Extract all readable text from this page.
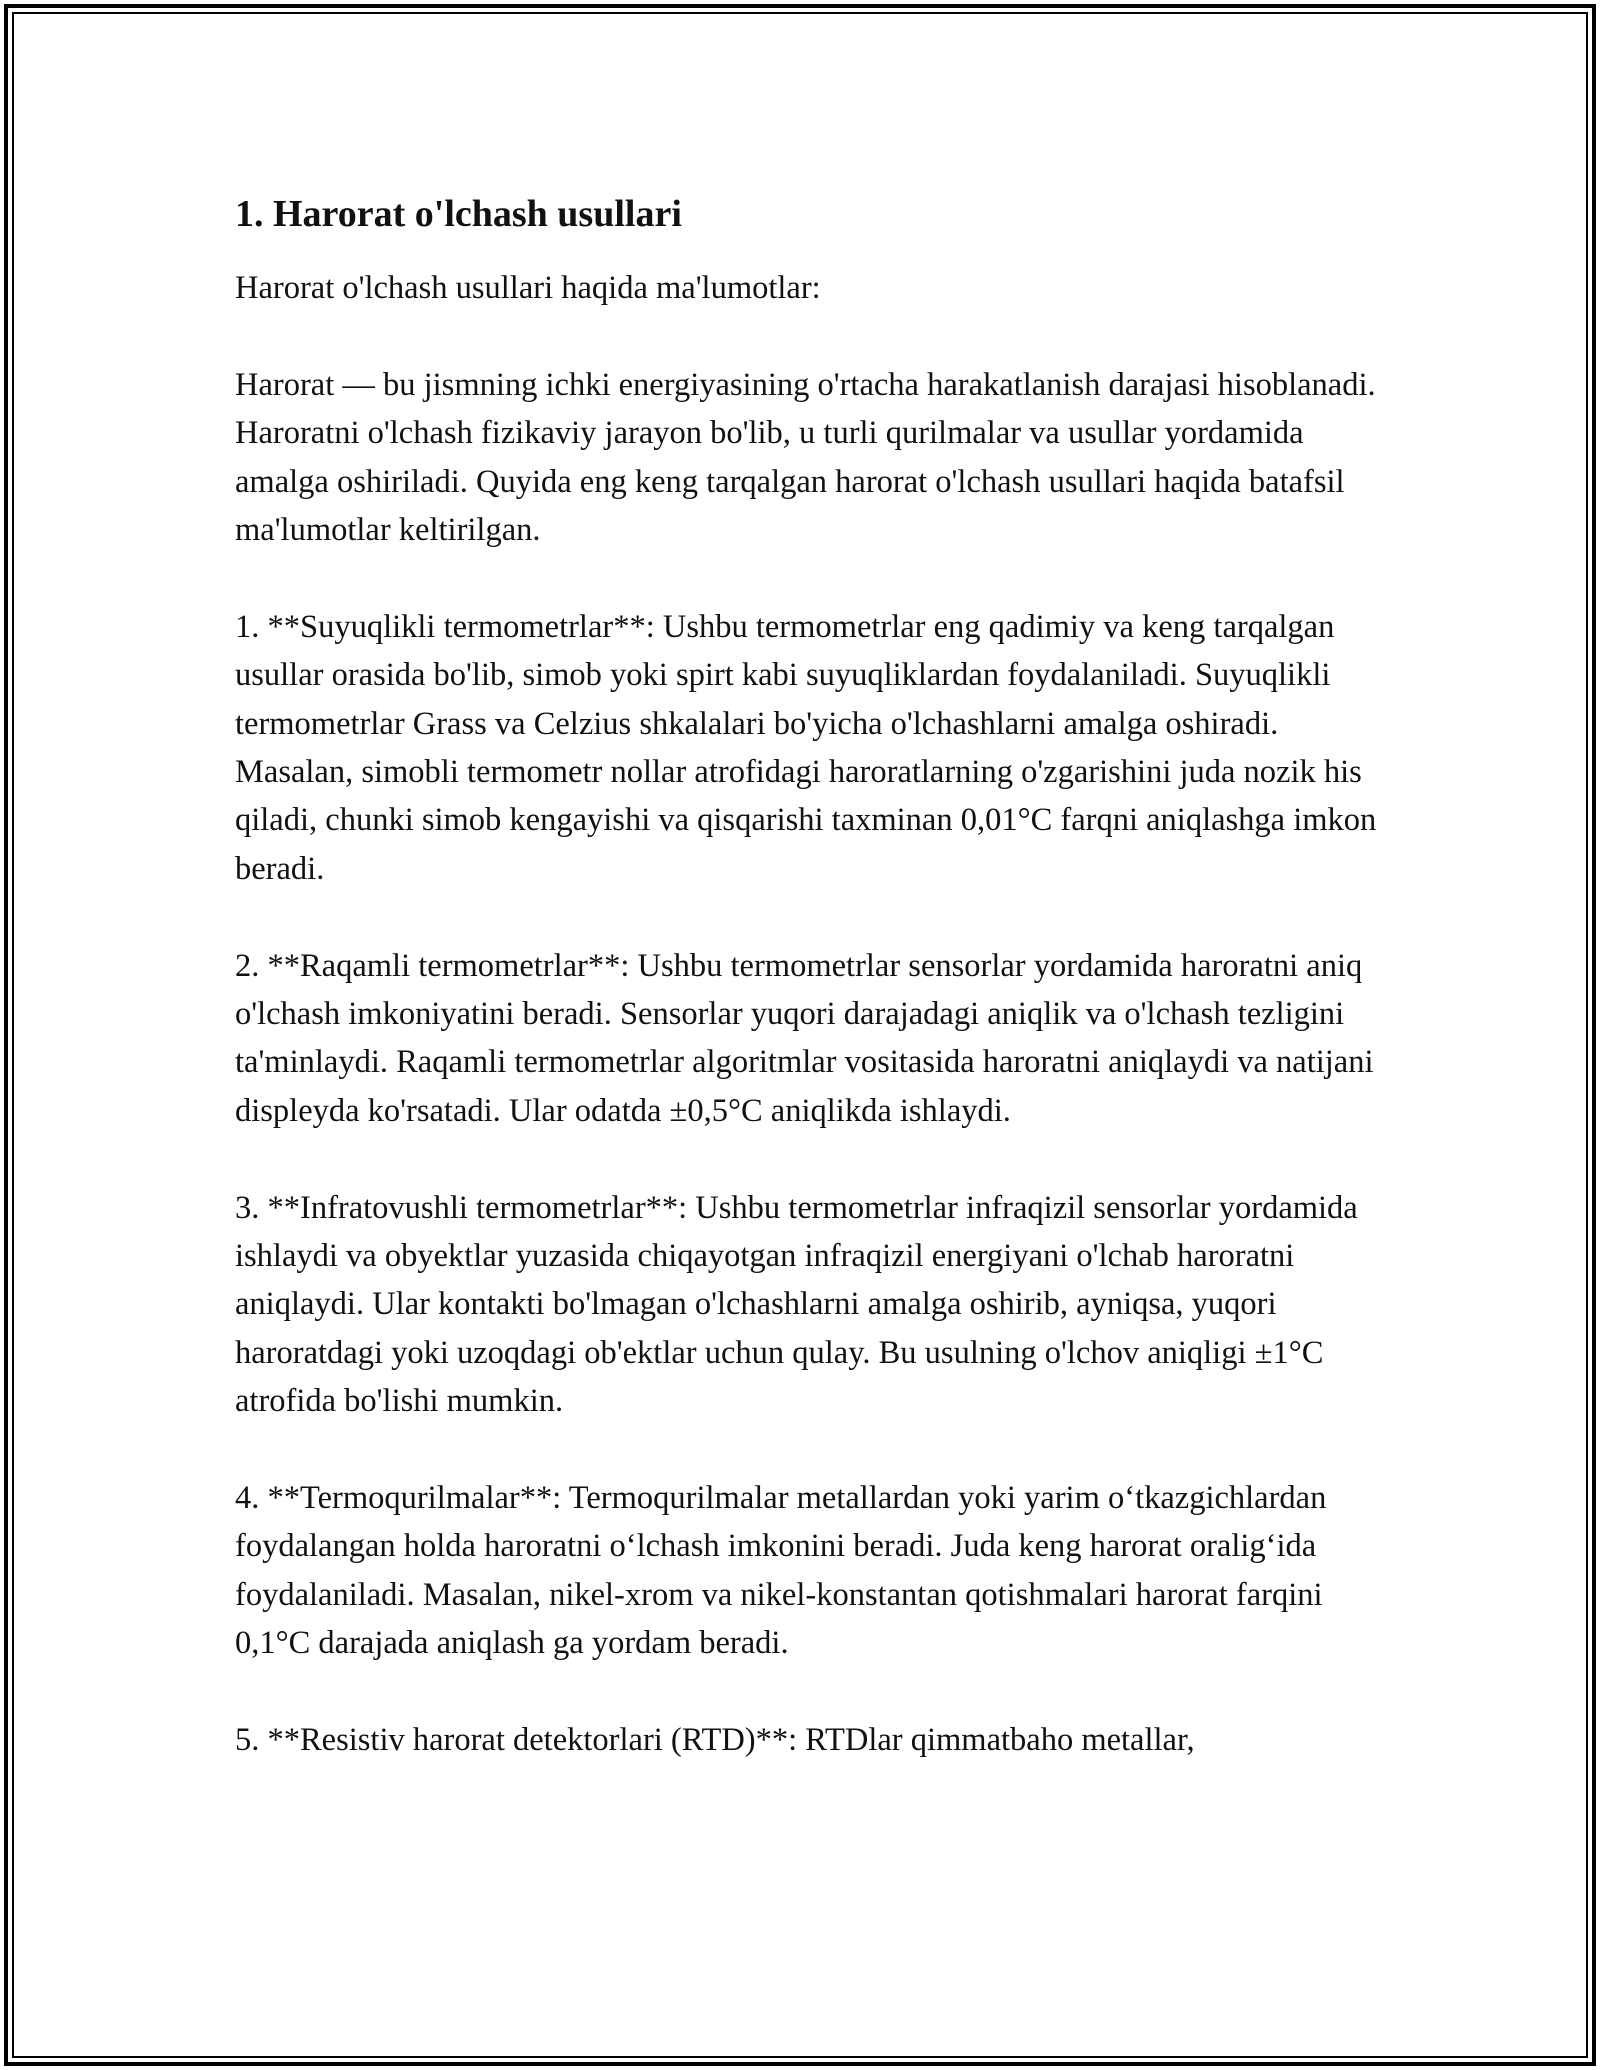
1. Harorat o'lchash usullari

Harorat o'lchash usullari haqida ma'lumotlar:

Harorat — bu jismning ichki energiyasining o'rtacha harakatlanish darajasi hisoblanadi. Haroratni o'lchash fizikaviy jarayon bo'lib, u turli qurilmalar va usullar yordamida amalga oshiriladi. Quyida eng keng tarqalgan harorat o'lchash usullari haqida batafsil ma'lumotlar keltirilgan.

1. **Suyuqlikli termometrlar**: Ushbu termometrlar eng qadimiy va keng tarqalgan usullar orasida bo'lib, simob yoki spirt kabi suyuqliklardan foydalaniladi. Suyuqlikli termometrlar Grass va Celzius shkalalari bo'yicha o'lchashlarni amalga oshiradi. Masalan, simobli termometr nollar atrofidagi haroratlarning o'zgarishini juda nozik his qiladi, chunki simob kengayishi va qisqarishi taxminan 0,01°C farqni aniqlashga imkon beradi.

2. **Raqamli termometrlar**: Ushbu termometrlar sensorlar yordamida haroratni aniq o'lchash imkoniyatini beradi. Sensorlar yuqori darajadagi aniqlik va o'lchash tezligini ta'minlaydi. Raqamli termometrlar algoritmlar vositasida haroratni aniqlaydi va natijani displeyda ko'rsatadi. Ular odatda ±0,5°C aniqlikda ishlaydi.

3. **Infratovushli termometrlar**: Ushbu termometrlar infraqizil sensorlar yordamida ishlaydi va obyektlar yuzasida chiqayotgan infraqizil energiyani o'lchab haroratni aniqlaydi. Ular kontakti bo'lmagan o'lchashlarni amalga oshirib, ayniqsa, yuqori haroratdagi yoki uzoqdagi ob'ektlar uchun qulay. Bu usulning o'lchov aniqligi ±1°C atrofida bo'lishi mumkin.

4. **Termoqurilmalar**: Termoqurilmalar metallardan yoki yarim o‘tkazgichlardan foydalangan holda haroratni o‘lchash imkonini beradi. Juda keng harorat oralig‘ida foydalaniladi. Masalan, nikel-xrom va nikel-konstantan qotishmalari harorat farqini 0,1°C darajada aniqlash ga yordam beradi.

5. **Resistiv harorat detektorlari (RTD)**: RTDlar qimmatbaho metallar,
